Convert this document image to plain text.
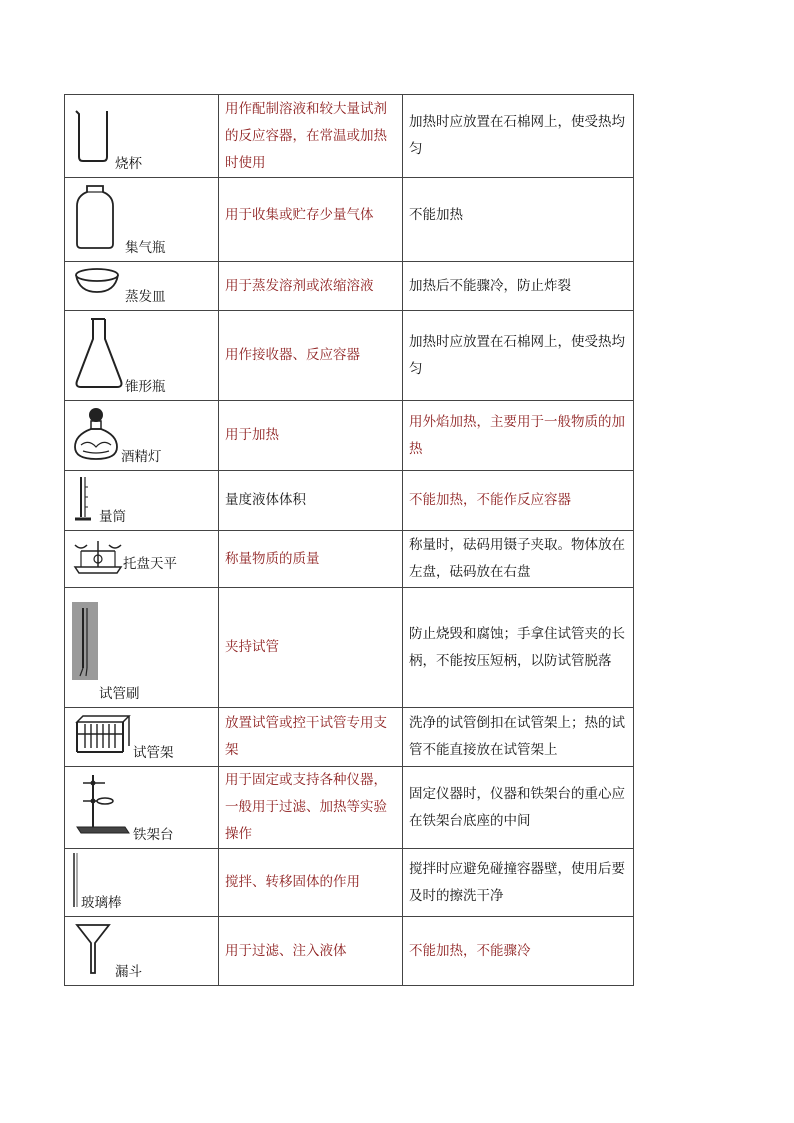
烧杯	用作配制溶液和较大量试剂的反应容器，在常温或加热时使用	加热时应放置在石棉网上，使受热均匀

集气瓶	用于收集或贮存少量气体	不能加热

蒸发皿	用于蒸发溶剂或浓缩溶液	加热后不能骤冷，防止炸裂

锥形瓶	用作接收器、反应容器	加热时应放置在石棉网上，使受热均匀

酒精灯	用于加热	用外焰加热，主要用于一般物质的加热

量筒	量度液体体积	不能加热，不能作反应容器

托盘天平	称量物质的质量	称量时，砝码用镊子夹取。物体放在左盘，砝码放在右盘

试管刷	夹持试管	防止烧毁和腐蚀；手拿住试管夹的长柄，不能按压短柄，以防试管脱落

试管架	放置试管或控干试管专用支架	洗净的试管倒扣在试管架上；热的试管不能直接放在试管架上

铁架台	用于固定或支持各种仪器，一般用于过滤、加热等实验操作	固定仪器时，仪器和铁架台的重心应在铁架台底座的中间

玻璃棒	搅拌、转移固体的作用	搅拌时应避免碰撞容器壁，使用后要及时的擦洗干净

漏斗	用于过滤、注入液体	不能加热，不能骤冷
